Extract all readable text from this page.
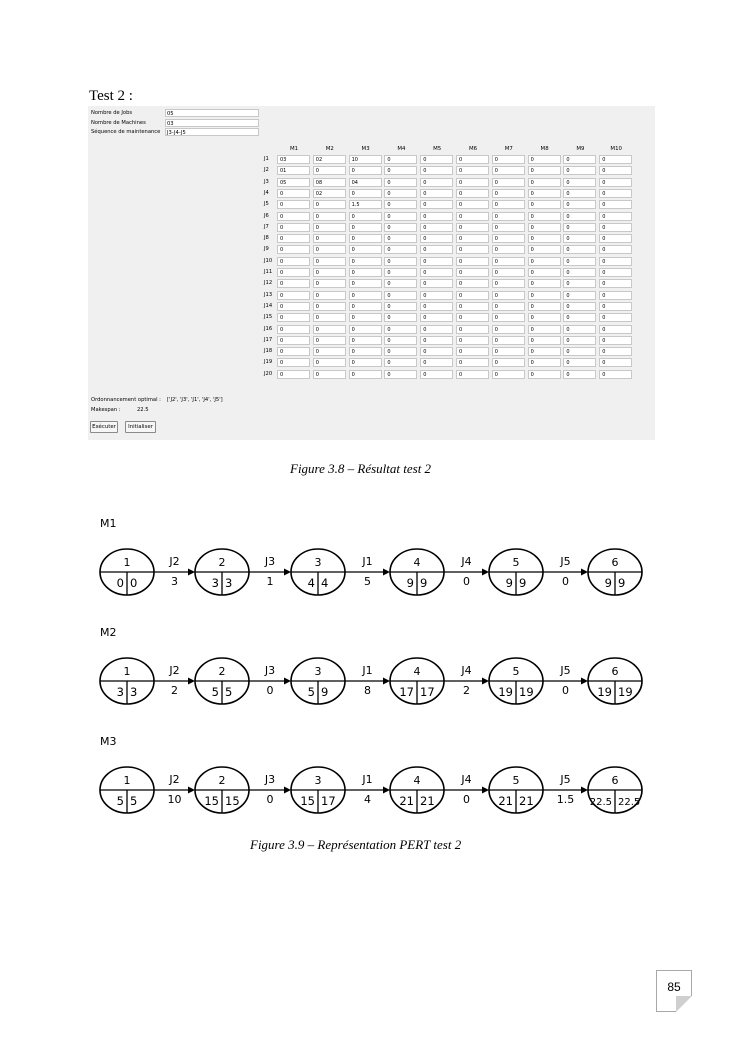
Test 2 :
Nombre de Jobs	05
Nombre de Machines	03
Séquence de maintenance	J3-J4-J5
M1	M2	M3	M4	M5	M6	M7	M8	M9	M10
J1	03	02	10	0	0	0	0	0	0	0
J2	01	0	0	0	0	0	0	0	0	0
J3	05	08	04	0	0	0	0	0	0	0
J4	0	02	0	0	0	0	0	0	0	0
J5	0	0	1.5	0	0	0	0	0	0	0
J6	0	0	0	0	0	0	0	0	0	0
J7	0	0	0	0	0	0	0	0	0	0
J8	0	0	0	0	0	0	0	0	0	0
J9	0	0	0	0	0	0	0	0	0	0
J10	0	0	0	0	0	0	0	0	0	0
J11	0	0	0	0	0	0	0	0	0	0
J12	0	0	0	0	0	0	0	0	0	0
J13	0	0	0	0	0	0	0	0	0	0
J14	0	0	0	0	0	0	0	0	0	0
J15	0	0	0	0	0	0	0	0	0	0
J16	0	0	0	0	0	0	0	0	0	0
J17	0	0	0	0	0	0	0	0	0	0
J18	0	0	0	0	0	0	0	0	0	0
J19	0	0	0	0	0	0	0	0	0	0
J20	0	0	0	0	0	0	0	0	0	0
Ordonnancement optimal : ['J2', 'J3', 'J1', 'J4', 'J5']
Makespan :	22.5
Exécuter	Initialiser
Figure 3.8 – Résultat test 2
M1
J2
3
J3
1
J1
5
J4
0
J5
0
1
0 0
2
3 3
3
4 4
4
9 9
5
9 9
6
9 9
M2
J2
2
J3
0
J1
8
J4
2
J5
0
1
3 3
2
5 5
3
5 9
4
17 17
5
19 19
6
19 19
M3
J2
10
J3
0
J1
4
J4
0
J5
1.5
1
5 5
2
15 15
3
15 17
4
21 21
5
21 21
6
22.5 22.5
Figure 3.9 – Représentation PERT test 2
85
